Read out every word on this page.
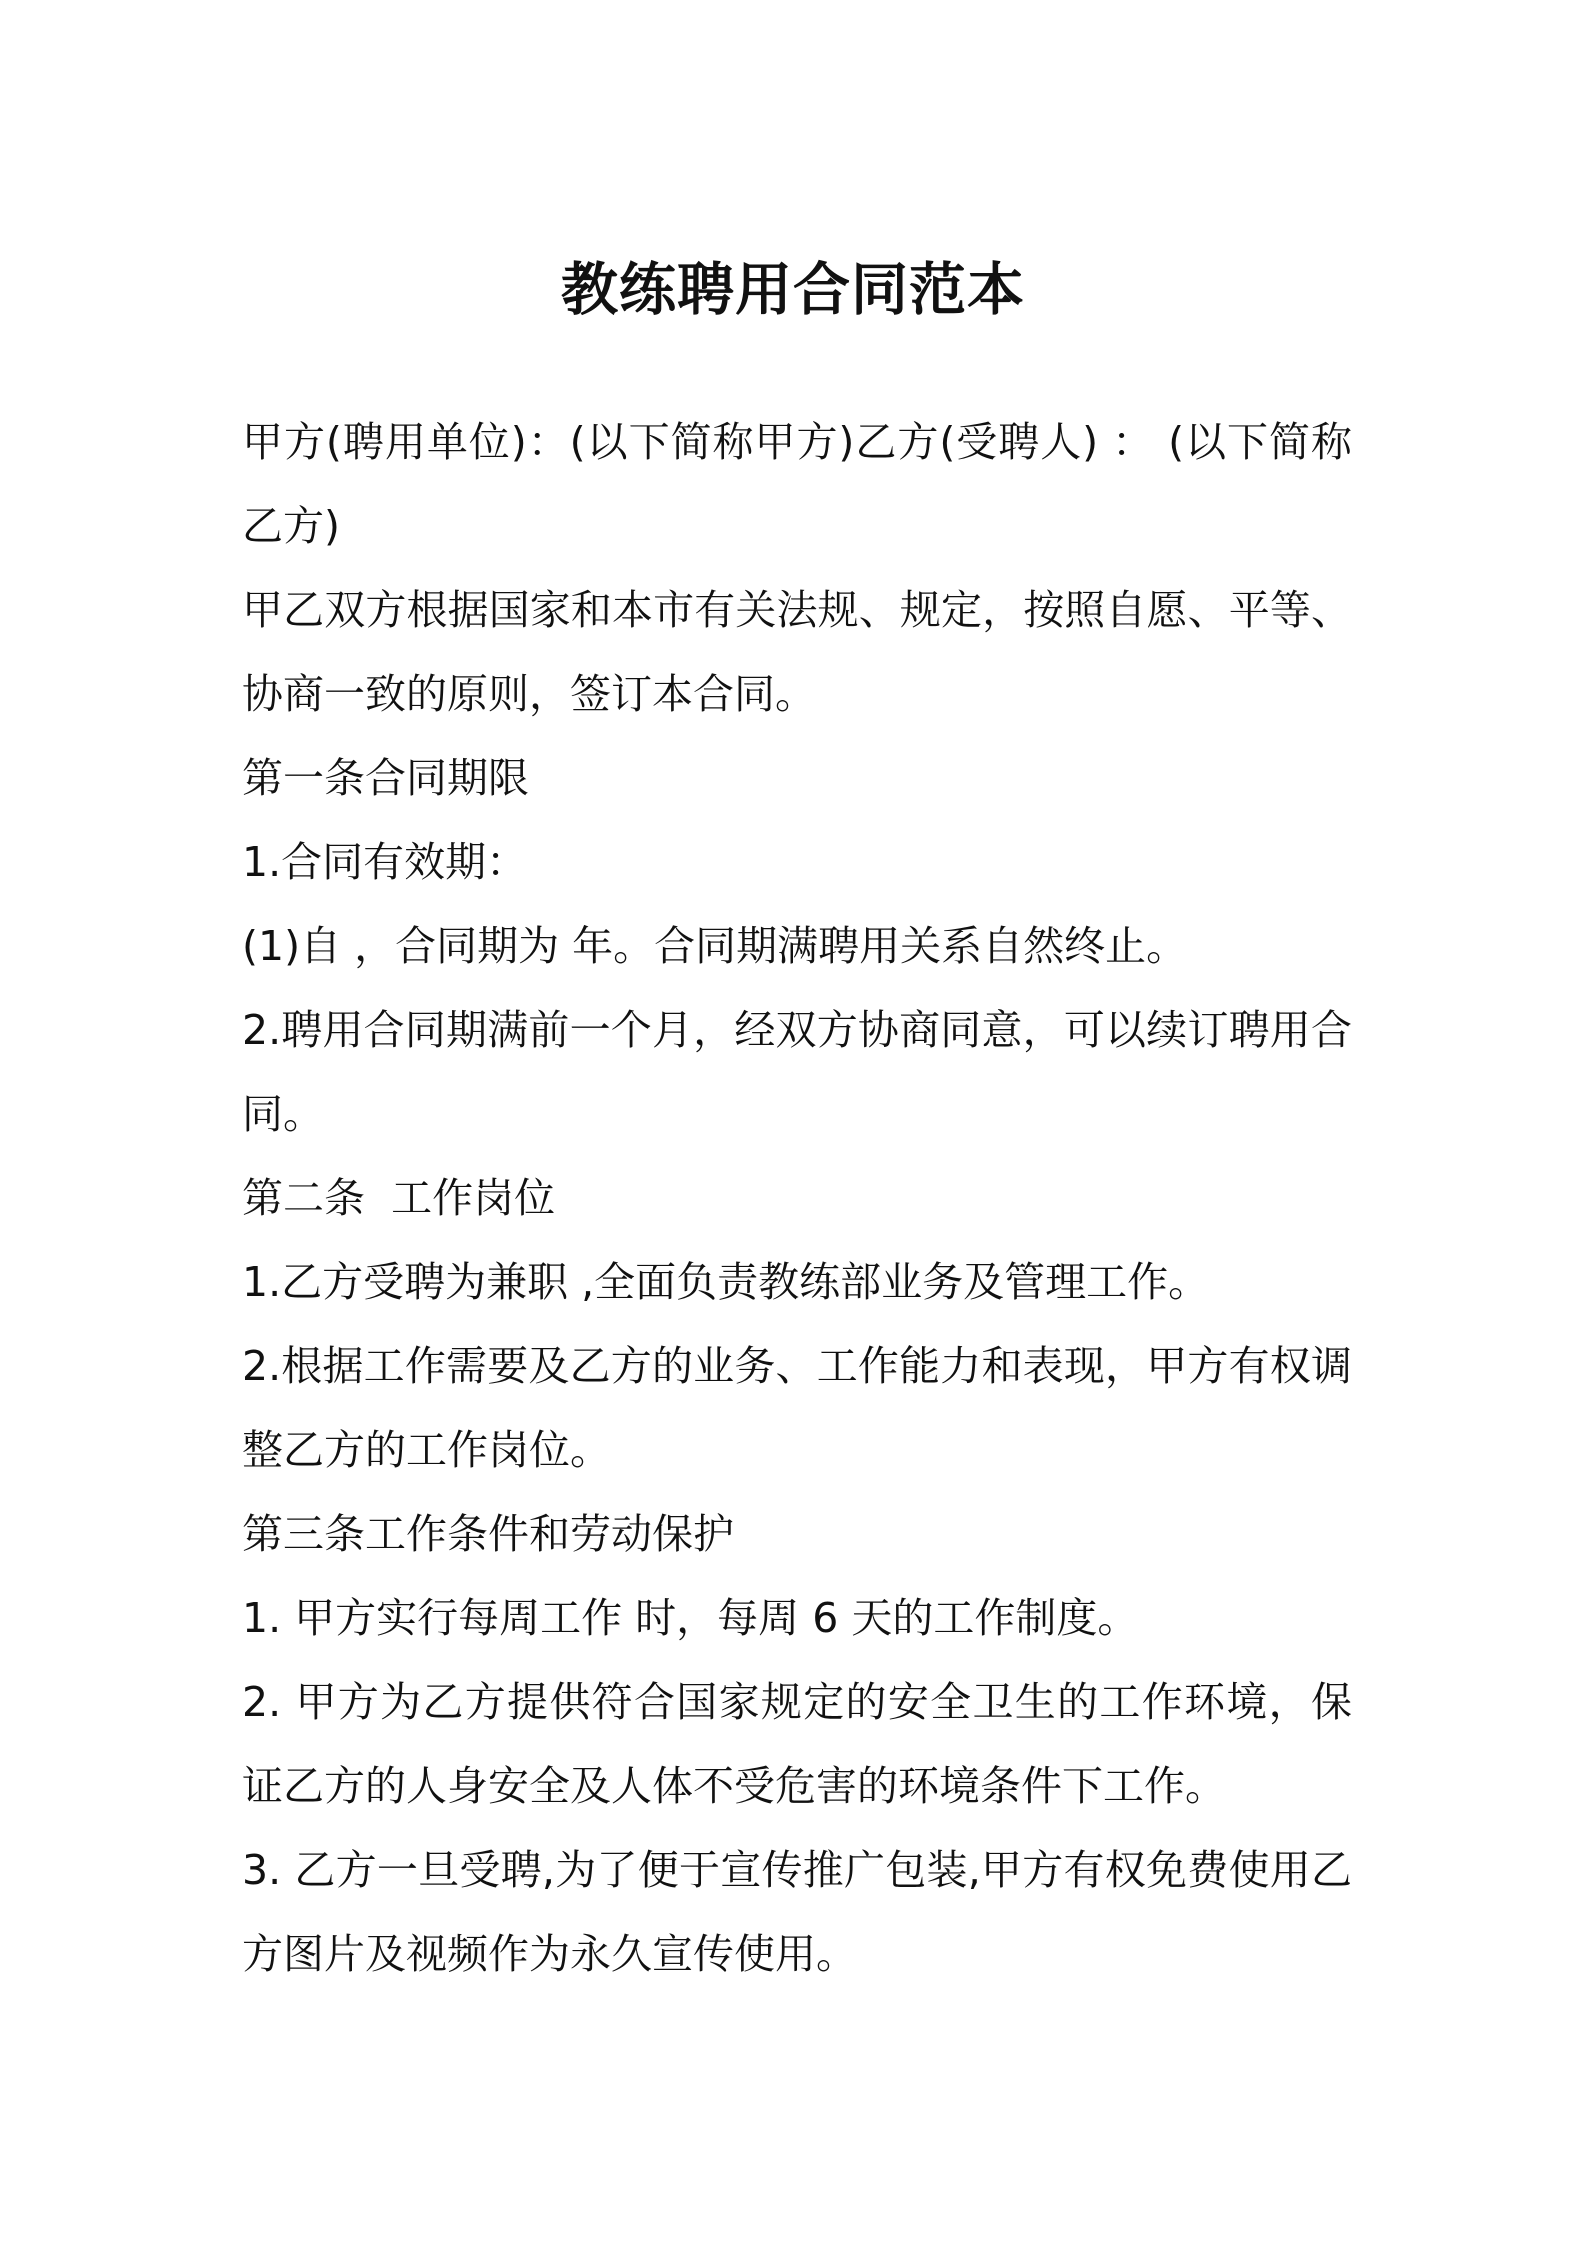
教练聘用合同范本

甲方(聘用单位)：(以下简称甲方)乙方(受聘人) ： (以下简称乙方)

甲乙双方根据国家和本市有关法规、规定，按照自愿、平等、协商一致的原则，签订本合同。

第一条合同期限

1.合同有效期：

(1)自 ，合同期为 年。合同期满聘用关系自然终止。

2.聘用合同期满前一个月，经双方协商同意，可以续订聘用合同。

第二条  工作岗位

1.乙方受聘为兼职 ,全面负责教练部业务及管理工作。

2.根据工作需要及乙方的业务、工作能力和表现，甲方有权调整乙方的工作岗位。

第三条工作条件和劳动保护

1. 甲方实行每周工作 时，每周 6 天的工作制度。

2. 甲方为乙方提供符合国家规定的安全卫生的工作环境，保证乙方的人身安全及人体不受危害的环境条件下工作。

3. 乙方一旦受聘,为了便于宣传推广包装,甲方有权免费使用乙方图片及视频作为永久宣传使用。
